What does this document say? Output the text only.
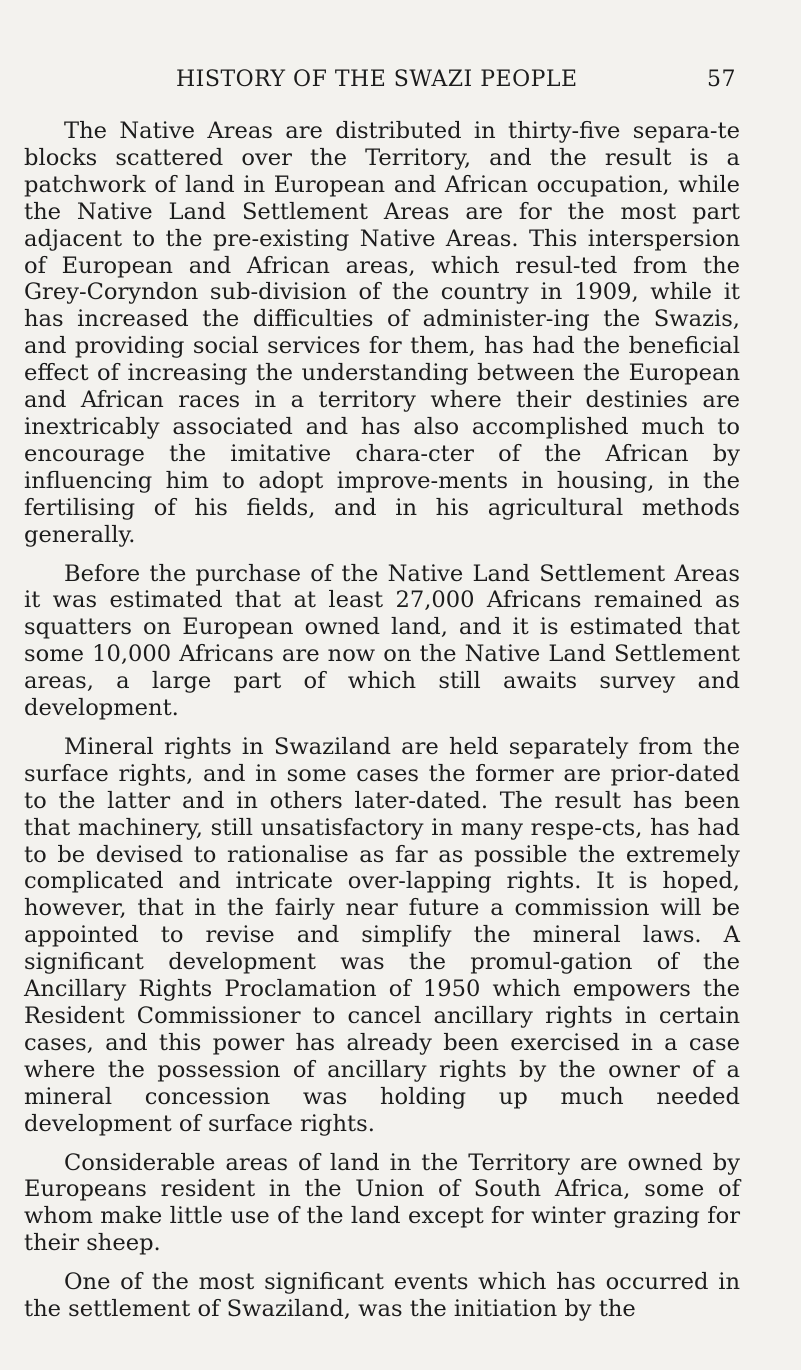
HISTORY OF THE SWAZI PEOPLE	57

The Native Areas are distributed in thirty-five separa-te blocks scattered over the Territory, and the result is a patchwork of land in European and African occupation, while the Native Land Settlement Areas are for the most part adjacent to the pre-existing Native Areas. This interspersion of European and African areas, which resul-ted from the Grey-Coryndon sub-division of the country in 1909, while it has increased the difficulties of administer-ing the Swazis, and providing social services for them, has had the beneficial effect of increasing the understanding between the European and African races in a territory where their destinies are inextricably associated and has also accomplished much to encourage the imitative chara-cter of the African by influencing him to adopt improve-ments in housing, in the fertilising of his fields, and in his agricultural methods generally.

Before the purchase of the Native Land Settlement Areas it was estimated that at least 27,000 Africans remained as squatters on European owned land, and it is estimated that some 10,000 Africans are now on the Native Land Settlement areas, a large part of which still awaits survey and development.

Mineral rights in Swaziland are held separately from the surface rights, and in some cases the former are prior-dated to the latter and in others later-dated. The result has been that machinery, still unsatisfactory in many respe-cts, has had to be devised to rationalise as far as possible the extremely complicated and intricate over-lapping rights. It is hoped, however, that in the fairly near future a commission will be appointed to revise and simplify the mineral laws. A significant development was the promul-gation of the Ancillary Rights Proclamation of 1950 which empowers the Resident Commissioner to cancel ancillary rights in certain cases, and this power has already been exercised in a case where the possession of ancillary rights by the owner of a mineral concession was holding up much needed development of surface rights.

Considerable areas of land in the Territory are owned by Europeans resident in the Union of South Africa, some of whom make little use of the land except for winter grazing for their sheep.

One of the most significant events which has occurred in the settlement of Swaziland, was the initiation by the
